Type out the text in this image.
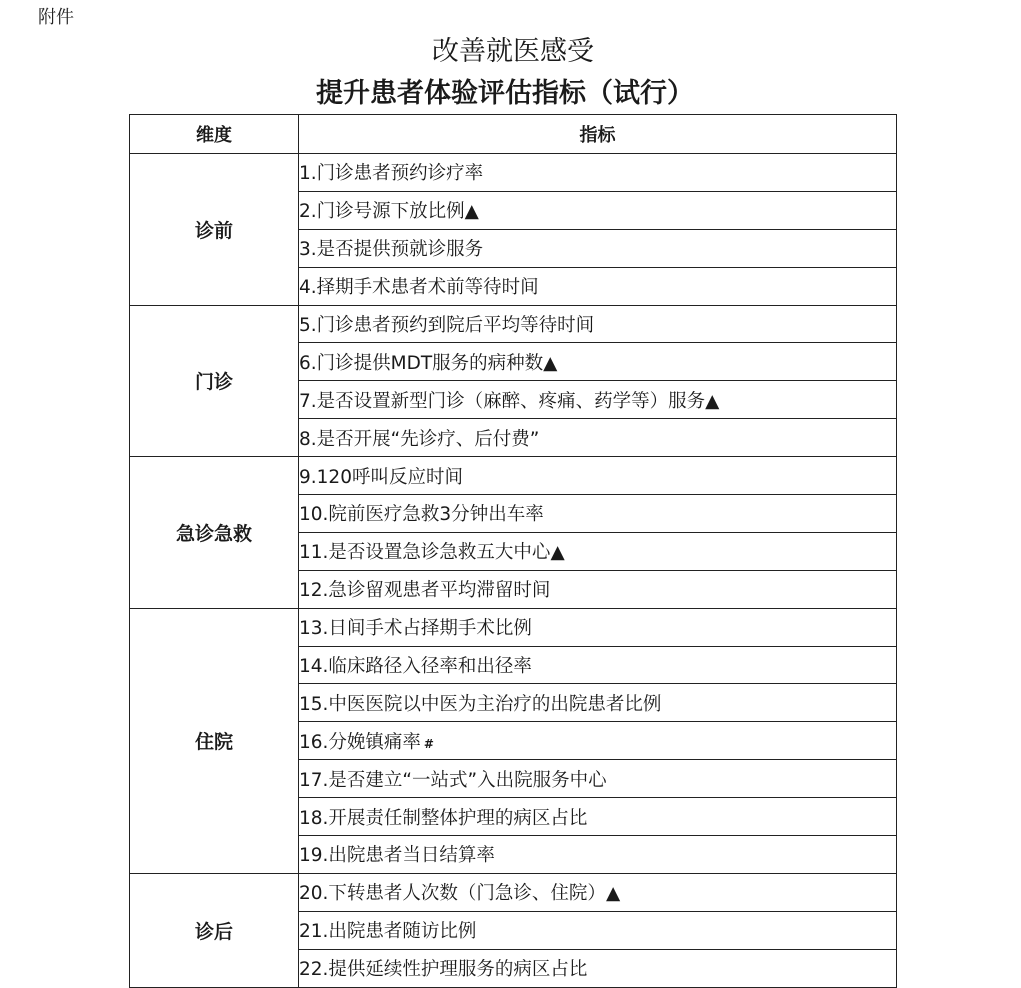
附件
改善就医感受
提升患者体验评估指标（试行）
维度	指标
诊前	1.门诊患者预约诊疗率
	2.门诊号源下放比例▲
	3.是否提供预就诊服务
	4.择期手术患者术前等待时间
门诊	5.门诊患者预约到院后平均等待时间
	6.门诊提供MDT服务的病种数▲
	7.是否设置新型门诊（麻醉、疼痛、药学等）服务▲
	8.是否开展“先诊疗、后付费”
急诊急救	9.120呼叫反应时间
	10.院前医疗急救3分钟出车率
	11.是否设置急诊急救五大中心▲
	12.急诊留观患者平均滞留时间
住院	13.日间手术占择期手术比例
	14.临床路径入径率和出径率
	15.中医医院以中医为主治疗的出院患者比例
	16.分娩镇痛率 #
	17.是否建立“一站式”入出院服务中心
	18.开展责任制整体护理的病区占比
	19.出院患者当日结算率
诊后	20.下转患者人次数（门急诊、住院）▲
	21.出院患者随访比例
	22.提供延续性护理服务的病区占比
